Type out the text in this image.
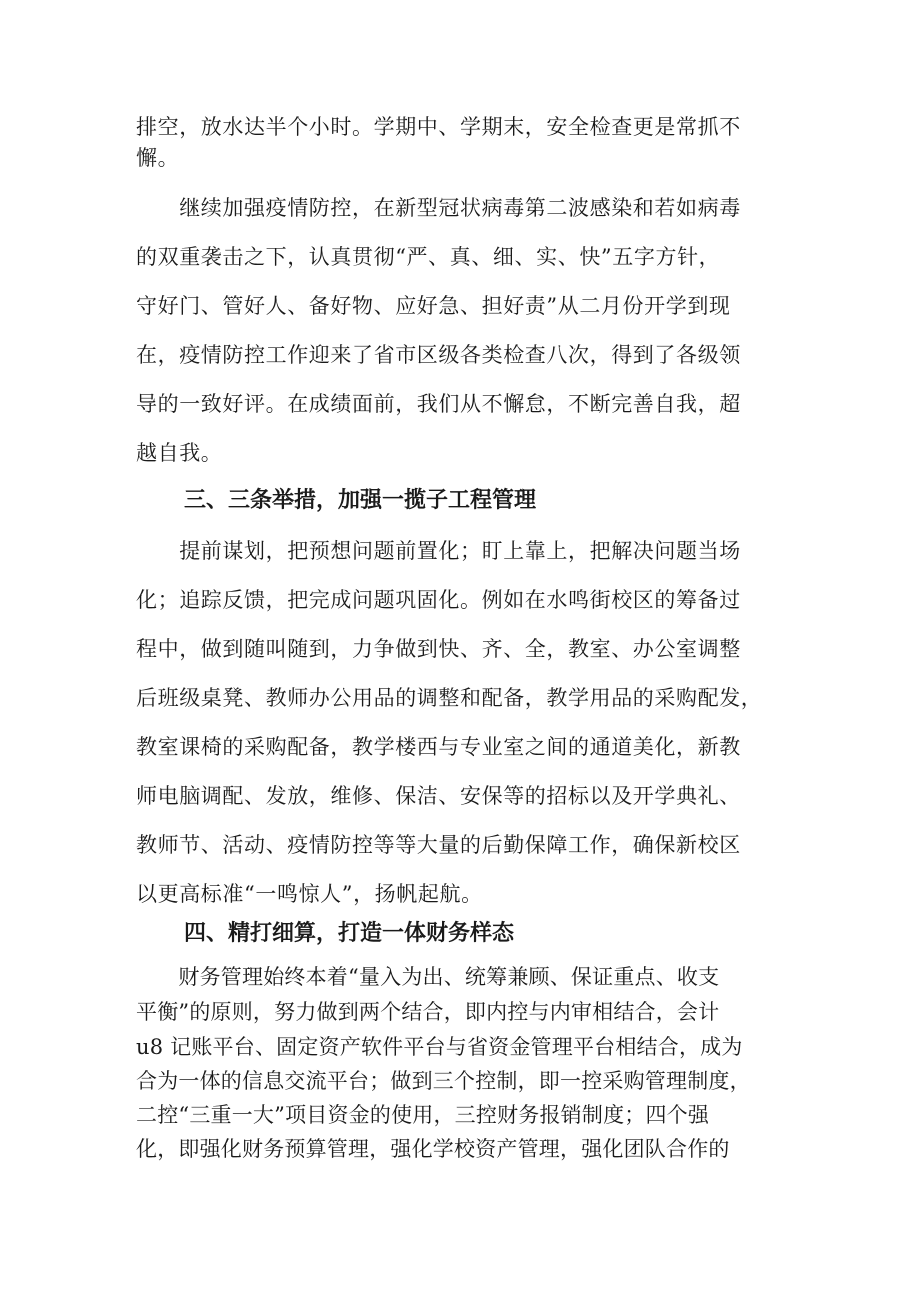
排空，放水达半个小时。学期中、学期末，安全检查更是常抓不
懈。
　　继续加强疫情防控，在新型冠状病毒第二波感染和若如病毒
的双重袭击之下，认真贯彻“严、真、细、实、快”五字方针，
守好门、管好人、备好物、应好急、担好责”从二月份开学到现
在，疫情防控工作迎来了省市区级各类检查八次，得到了各级领
导的一致好评。在成绩面前，我们从不懈怠，不断完善自我，超
越自我。
三、三条举措，加强一揽子工程管理
　　提前谋划，把预想问题前置化；盯上靠上，把解决问题当场
化；追踪反馈，把完成问题巩固化。例如在水鸣街校区的筹备过
程中，做到随叫随到，力争做到快、齐、全，教室、办公室调整
后班级桌凳、教师办公用品的调整和配备，教学用品的采购配发，
教室课椅的采购配备，教学楼西与专业室之间的通道美化，新教
师电脑调配、发放，维修、保洁、安保等的招标以及开学典礼、
教师节、活动、疫情防控等等大量的后勤保障工作，确保新校区
以更高标准“一鸣惊人”，扬帆起航。
四、精打细算，打造一体财务样态
　　财务管理始终本着“量入为出、统筹兼顾、保证重点、收支
平衡”的原则，努力做到两个结合，即内控与内审相结合，会计
u8 记账平台、固定资产软件平台与省资金管理平台相结合，成为
合为一体的信息交流平台；做到三个控制，即一控采购管理制度，
二控“三重一大”项目资金的使用，三控财务报销制度；四个强
化，即强化财务预算管理，强化学校资产管理，强化团队合作的
